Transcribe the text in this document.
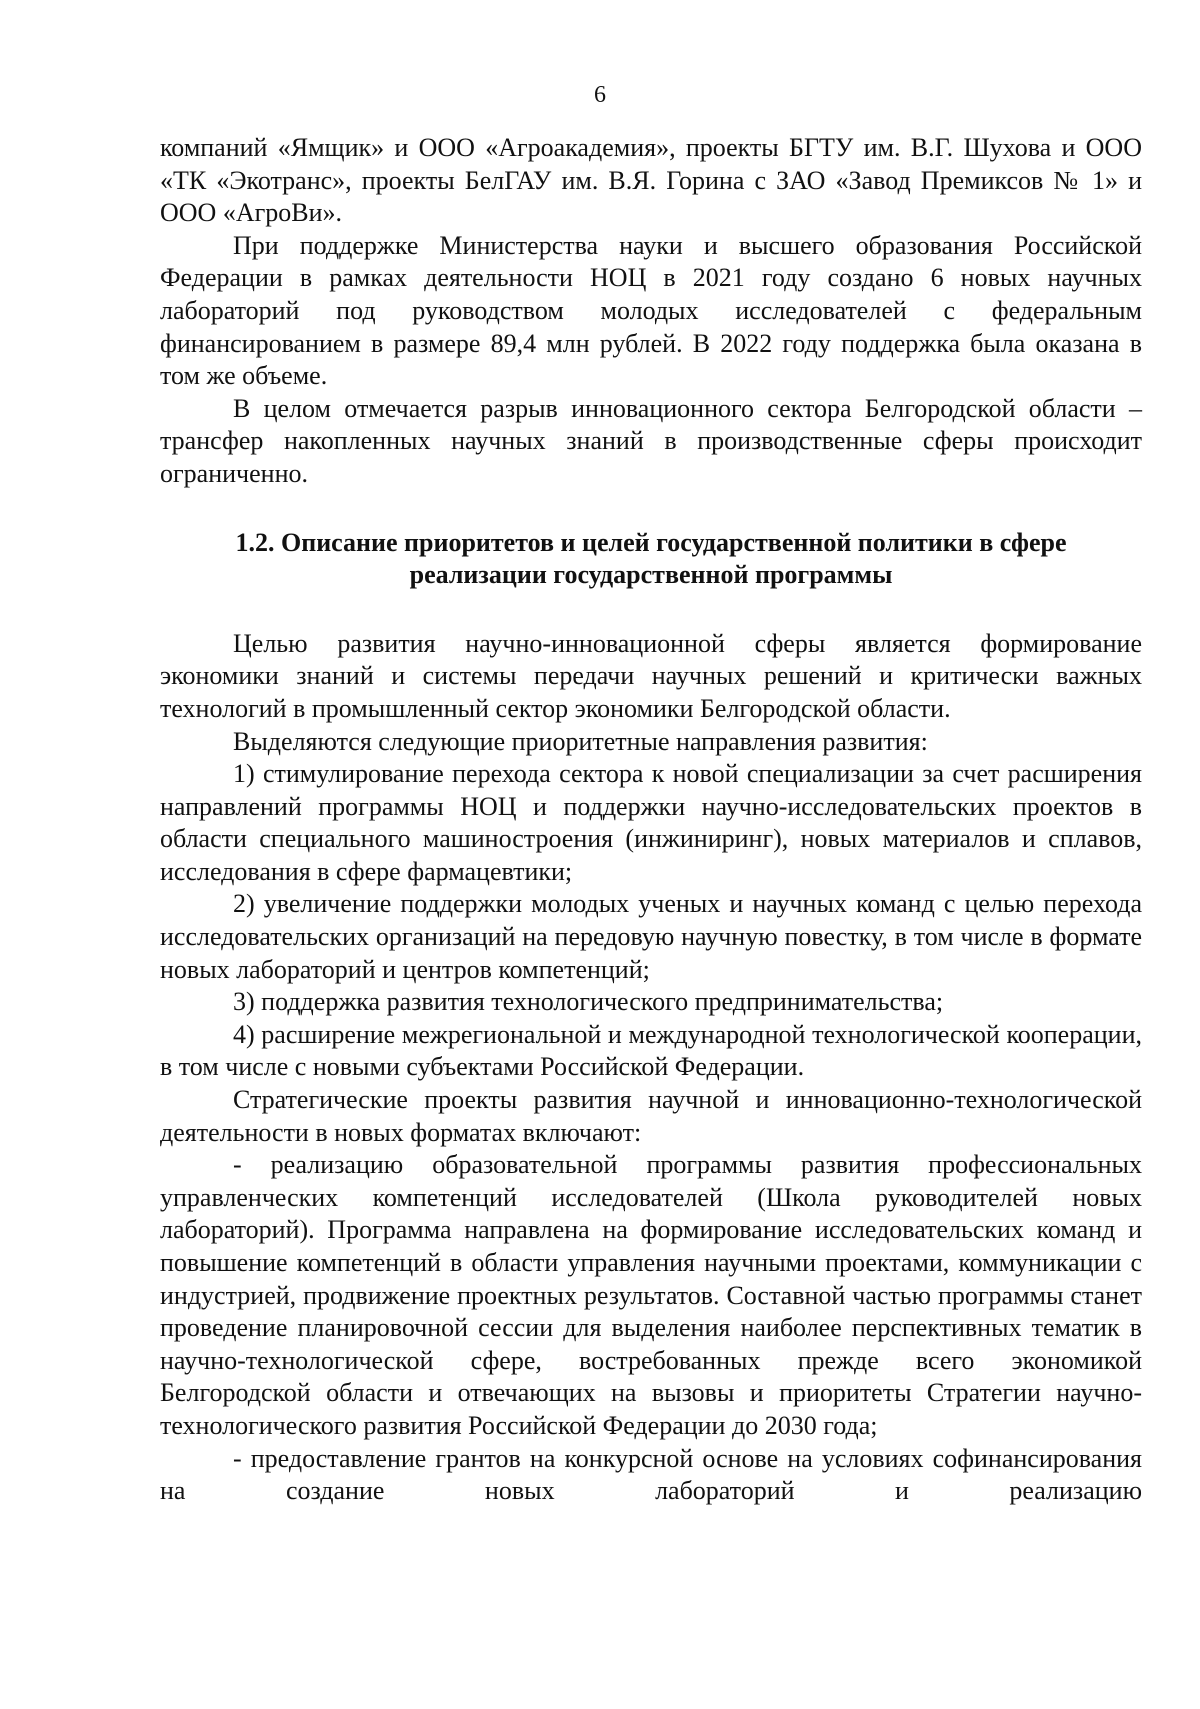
6

компаний «Ямщик» и ООО «Агроакадемия», проекты БГТУ им. В.Г. Шухова и ООО «ТК «Экотранс», проекты БелГАУ им. В.Я. Горина с ЗАО «Завод Премиксов № 1» и ООО «АгроВи».

При поддержке Министерства науки и высшего образования Российской Федерации в рамках деятельности НОЦ в 2021 году создано 6 новых научных лабораторий под руководством молодых исследователей с федеральным финансированием в размере 89,4 млн рублей. В 2022 году поддержка была оказана в том же объеме.

В целом отмечается разрыв инновационного сектора Белгородской области – трансфер накопленных научных знаний в производственные сферы происходит ограниченно.

1.2. Описание приоритетов и целей государственной политики в сфере
реализации государственной программы

Целью развития научно-инновационной сферы является формирование экономики знаний и системы передачи научных решений и критически важных технологий в промышленный сектор экономики Белгородской области.

Выделяются следующие приоритетные направления развития:

1) стимулирование перехода сектора к новой специализации за счет расширения направлений программы НОЦ и поддержки научно-исследовательских проектов в области специального машиностроения (инжиниринг), новых материалов и сплавов, исследования в сфере фармацевтики;

2) увеличение поддержки молодых ученых и научных команд с целью перехода исследовательских организаций на передовую научную повестку, в том числе в формате новых лабораторий и центров компетенций;

3) поддержка развития технологического предпринимательства;

4) расширение межрегиональной и международной технологической кооперации, в том числе с новыми субъектами Российской Федерации.

Стратегические проекты развития научной и инновационно-технологической деятельности в новых форматах включают:

- реализацию образовательной программы развития профессиональных управленческих компетенций исследователей (Школа руководителей новых лабораторий). Программа направлена на формирование исследовательских команд и повышение компетенций в области управления научными проектами, коммуникации с индустрией, продвижение проектных результатов. Составной частью программы станет проведение планировочной сессии для выделения наиболее перспективных тематик в научно-технологической сфере, востребованных прежде всего экономикой Белгородской области и отвечающих на вызовы и приоритеты Стратегии научно-технологического развития Российской Федерации до 2030 года;

- предоставление грантов на конкурсной основе на условиях софинансирования на создание новых лабораторий и реализацию
